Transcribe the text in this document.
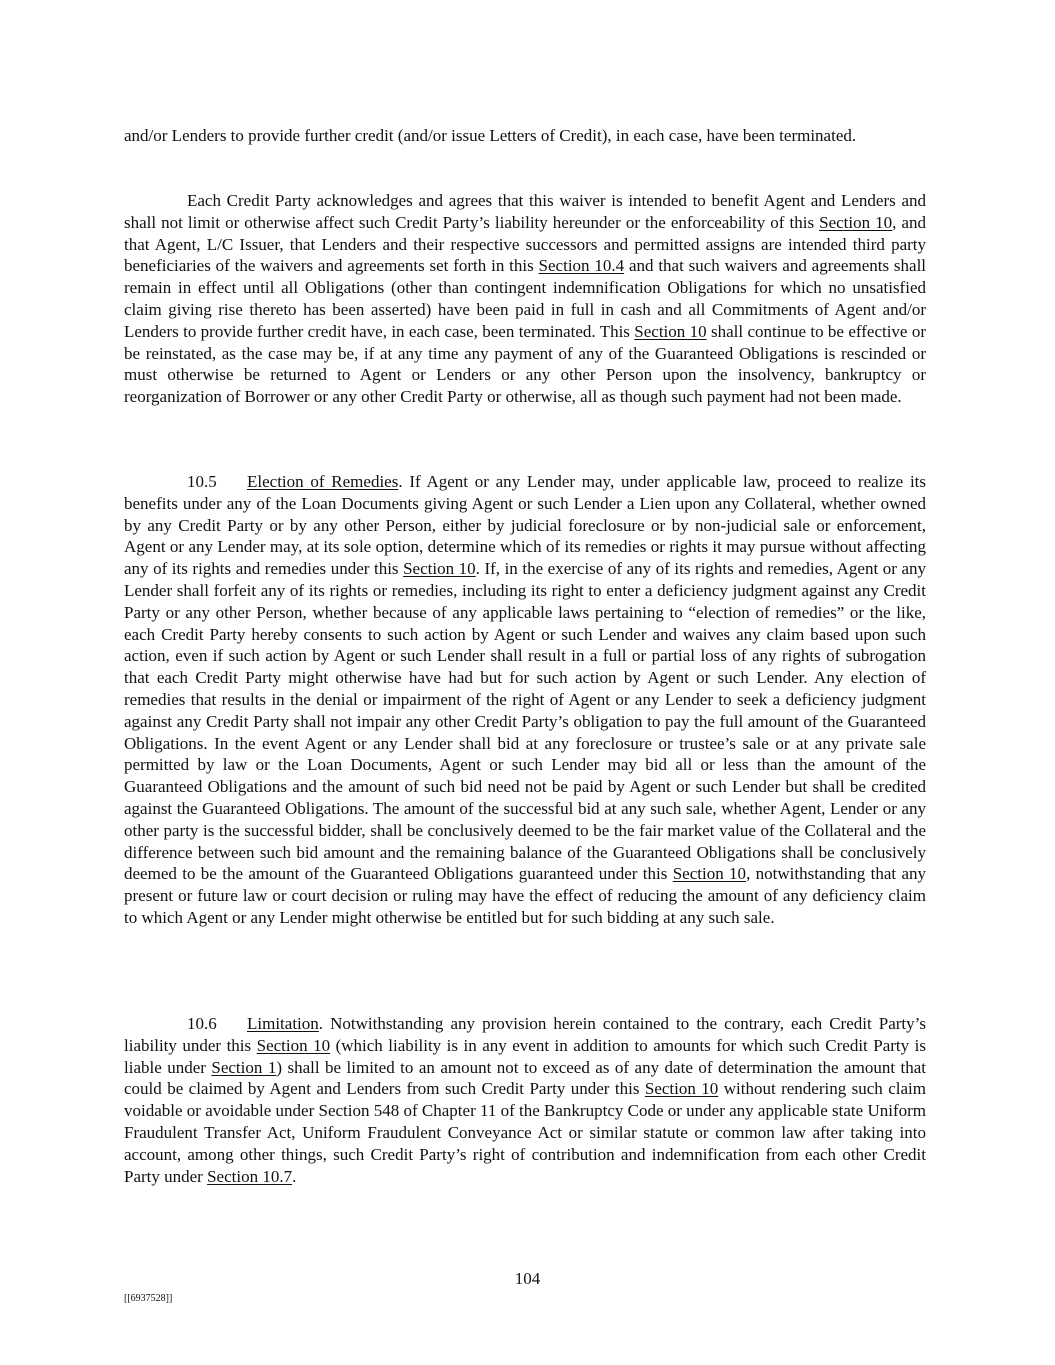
and/or Lenders to provide further credit (and/or issue Letters of Credit), in each case, have been terminated.

Each Credit Party acknowledges and agrees that this waiver is intended to benefit Agent and Lenders and shall not limit or otherwise affect such Credit Party’s liability hereunder or the enforceability of this Section 10, and that Agent, L/C Issuer, that Lenders and their respective successors and permitted assigns are intended third party beneficiaries of the waivers and agreements set forth in this Section 10.4 and that such waivers and agreements shall remain in effect until all Obligations (other than contingent indemnification Obligations for which no unsatisfied claim giving rise thereto has been asserted) have been paid in full in cash and all Commitments of Agent and/or Lenders to provide further credit have, in each case, been terminated. This Section 10 shall continue to be effective or be reinstated, as the case may be, if at any time any payment of any of the Guaranteed Obligations is rescinded or must otherwise be returned to Agent or Lenders or any other Person upon the insolvency, bankruptcy or reorganization of Borrower or any other Credit Party or otherwise, all as though such payment had not been made.

10.5 Election of Remedies. If Agent or any Lender may, under applicable law, proceed to realize its benefits under any of the Loan Documents giving Agent or such Lender a Lien upon any Collateral, whether owned by any Credit Party or by any other Person, either by judicial foreclosure or by non-judicial sale or enforcement, Agent or any Lender may, at its sole option, determine which of its remedies or rights it may pursue without affecting any of its rights and remedies under this Section 10. If, in the exercise of any of its rights and remedies, Agent or any Lender shall forfeit any of its rights or remedies, including its right to enter a deficiency judgment against any Credit Party or any other Person, whether because of any applicable laws pertaining to “election of remedies” or the like, each Credit Party hereby consents to such action by Agent or such Lender and waives any claim based upon such action, even if such action by Agent or such Lender shall result in a full or partial loss of any rights of subrogation that each Credit Party might otherwise have had but for such action by Agent or such Lender. Any election of remedies that results in the denial or impairment of the right of Agent or any Lender to seek a deficiency judgment against any Credit Party shall not impair any other Credit Party’s obligation to pay the full amount of the Guaranteed Obligations. In the event Agent or any Lender shall bid at any foreclosure or trustee’s sale or at any private sale permitted by law or the Loan Documents, Agent or such Lender may bid all or less than the amount of the Guaranteed Obligations and the amount of such bid need not be paid by Agent or such Lender but shall be credited against the Guaranteed Obligations. The amount of the successful bid at any such sale, whether Agent, Lender or any other party is the successful bidder, shall be conclusively deemed to be the fair market value of the Collateral and the difference between such bid amount and the remaining balance of the Guaranteed Obligations shall be conclusively deemed to be the amount of the Guaranteed Obligations guaranteed under this Section 10, notwithstanding that any present or future law or court decision or ruling may have the effect of reducing the amount of any deficiency claim to which Agent or any Lender might otherwise be entitled but for such bidding at any such sale.

10.6 Limitation. Notwithstanding any provision herein contained to the contrary, each Credit Party’s liability under this Section 10 (which liability is in any event in addition to amounts for which such Credit Party is liable under Section 1) shall be limited to an amount not to exceed as of any date of determination the amount that could be claimed by Agent and Lenders from such Credit Party under this Section 10 without rendering such claim voidable or avoidable under Section 548 of Chapter 11 of the Bankruptcy Code or under any applicable state Uniform Fraudulent Transfer Act, Uniform Fraudulent Conveyance Act or similar statute or common law after taking into account, among other things, such Credit Party’s right of contribution and indemnification from each other Credit Party under Section 10.7.

104
[[6937528]]
